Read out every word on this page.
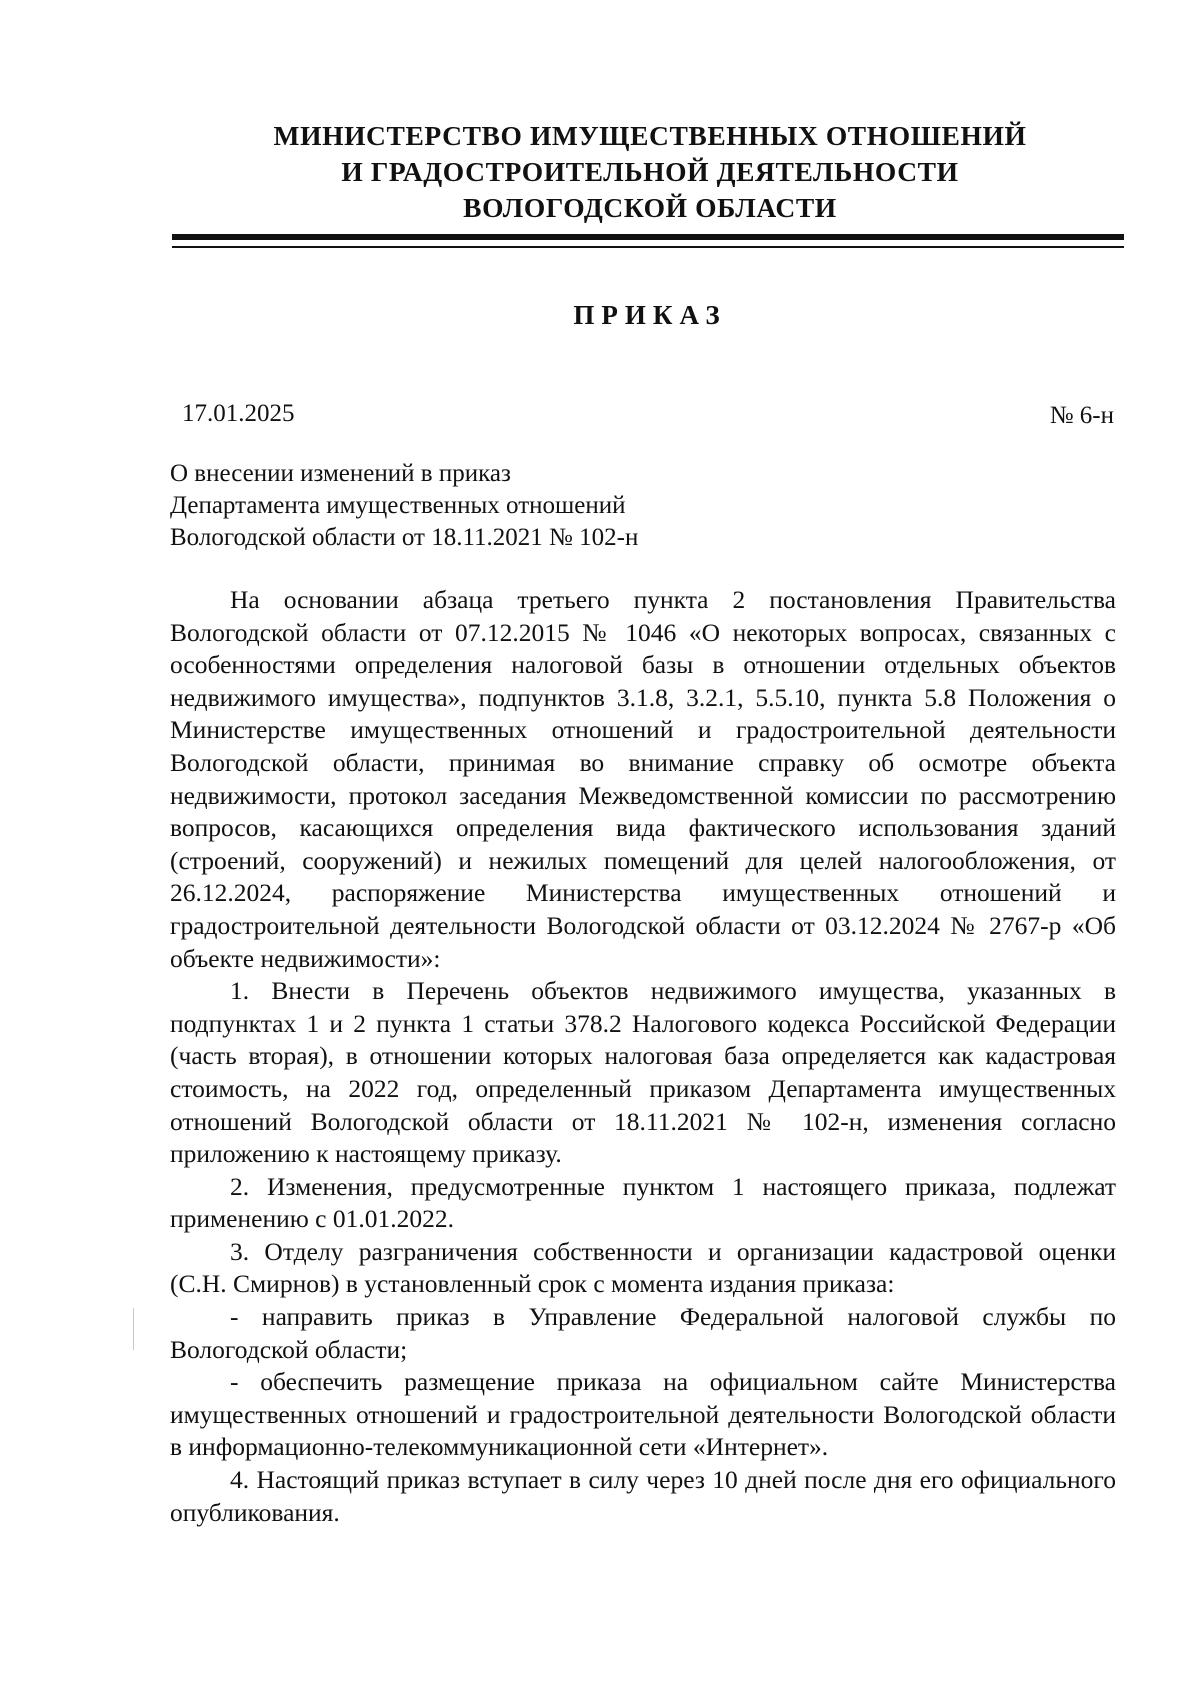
МИНИСТЕРСТВО ИМУЩЕСТВЕННЫХ ОТНОШЕНИЙ
И ГРАДОСТРОИТЕЛЬНОЙ ДЕЯТЕЛЬНОСТИ
ВОЛОГОДСКОЙ ОБЛАСТИ
ПРИКАЗ
17.01.2025	№ 6-н
О внесении изменений в приказ
Департамента имущественных отношений
Вологодской области от 18.11.2021 № 102-н

На основании абзаца третьего пункта 2 постановления Правительства Вологодской области от 07.12.2015 № 1046 «О некоторых вопросах, связанных с особенностями определения налоговой базы в отношении отдельных объектов недвижимого имущества», подпунктов 3.1.8, 3.2.1, 5.5.10, пункта 5.8 Положения о Министерстве имущественных отношений и градостроительной деятельности Вологодской области, принимая во внимание справку об осмотре объекта недвижимости, протокол заседания Межведомственной комиссии по рассмотрению вопросов, касающихся определения вида фактического использования зданий (строений, сооружений) и нежилых помещений для целей налогообложения, от 26.12.2024, распоряжение Министерства имущественных отношений и градостроительной деятельности Вологодской области от 03.12.2024 № 2767-р «Об объекте недвижимости»:

1. Внести в Перечень объектов недвижимого имущества, указанных в подпунктах 1 и 2 пункта 1 статьи 378.2 Налогового кодекса Российской Федерации (часть вторая), в отношении которых налоговая база определяется как кадастровая стоимость, на 2022 год, определенный приказом Департамента имущественных отношений Вологодской области от 18.11.2021 № 102-н, изменения согласно приложению к настоящему приказу.

2. Изменения, предусмотренные пунктом 1 настоящего приказа, подлежат применению с 01.01.2022.

3. Отделу разграничения собственности и организации кадастровой оценки (С.Н. Смирнов) в установленный срок с момента издания приказа:

- направить приказ в Управление Федеральной налоговой службы по Вологодской области;

- обеспечить размещение приказа на официальном сайте Министерства имущественных отношений и градостроительной деятельности Вологодской области в информационно-телекоммуникационной сети «Интернет».

4. Настоящий приказ вступает в силу через 10 дней после дня его официального опубликования.
